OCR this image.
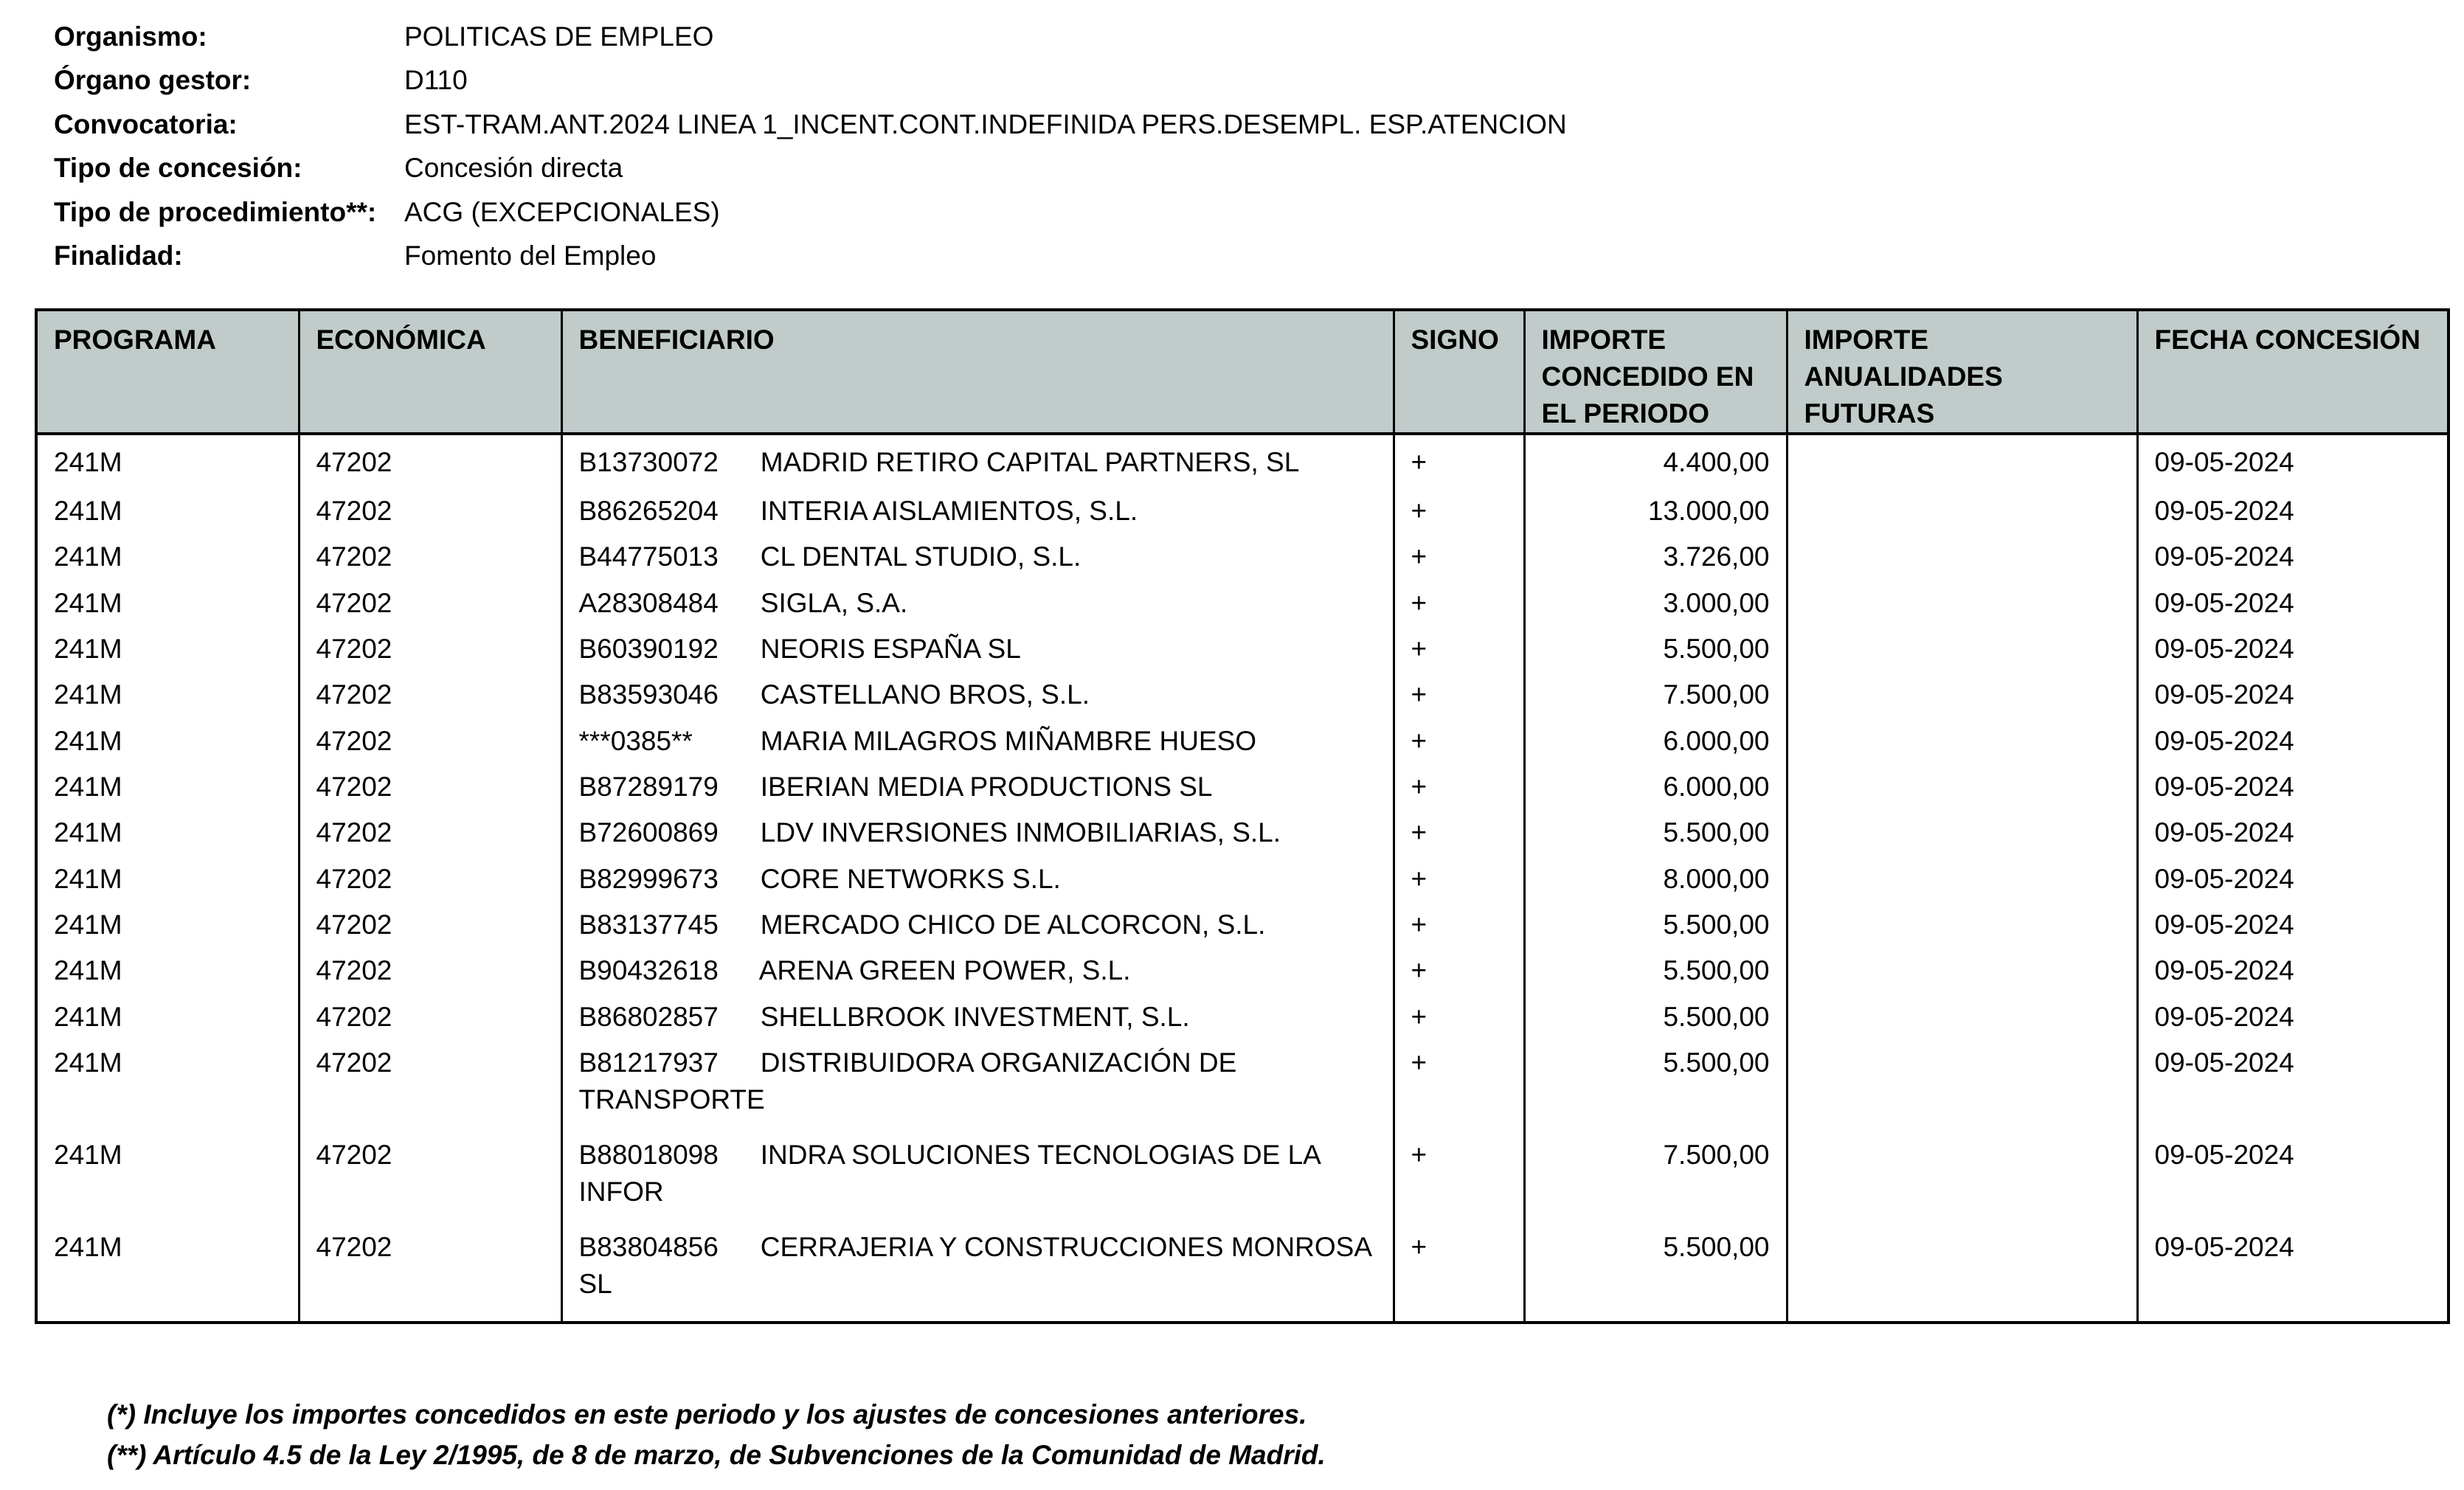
Organismo:	POLITICAS DE EMPLEO
Órgano gestor:	D110
Convocatoria:	EST-TRAM.ANT.2024 LINEA 1_INCENT.CONT.INDEFINIDA PERS.DESEMPL. ESP.ATENCION
Tipo de concesión:	Concesión directa
Tipo de procedimiento**:	ACG (EXCEPCIONALES)
Finalidad:	Fomento del Empleo
PROGRAMA	ECONÓMICA	BENEFICIARIO	SIGNO	IMPORTE CONCEDIDO EN EL PERIODO	IMPORTE ANUALIDADES FUTURAS	FECHA CONCESIÓN
241M	47202	B13730072 MADRID RETIRO CAPITAL PARTNERS, SL	+	4.400,00		09-05-2024
241M	47202	B86265204 INTERIA AISLAMIENTOS, S.L.	+	13.000,00		09-05-2024
241M	47202	B44775013 CL DENTAL STUDIO, S.L.	+	3.726,00		09-05-2024
241M	47202	A28308484 SIGLA, S.A.	+	3.000,00		09-05-2024
241M	47202	B60390192 NEORIS ESPAÑA SL	+	5.500,00		09-05-2024
241M	47202	B83593046 CASTELLANO BROS, S.L.	+	7.500,00		09-05-2024
241M	47202	***0385** MARIA MILAGROS MIÑAMBRE HUESO	+	6.000,00		09-05-2024
241M	47202	B87289179 IBERIAN MEDIA PRODUCTIONS SL	+	6.000,00		09-05-2024
241M	47202	B72600869 LDV INVERSIONES INMOBILIARIAS, S.L.	+	5.500,00		09-05-2024
241M	47202	B82999673 CORE NETWORKS S.L.	+	8.000,00		09-05-2024
241M	47202	B83137745 MERCADO CHICO DE ALCORCON, S.L.	+	5.500,00		09-05-2024
241M	47202	B90432618 ARENA GREEN POWER, S.L.	+	5.500,00		09-05-2024
241M	47202	B86802857 SHELLBROOK INVESTMENT, S.L.	+	5.500,00		09-05-2024
241M	47202	B81217937 DISTRIBUIDORA ORGANIZACIÓN DE TRANSPORTE	+	5.500,00		09-05-2024
241M	47202	B88018098 INDRA SOLUCIONES TECNOLOGIAS DE LA INFOR	+	7.500,00		09-05-2024
241M	47202	B83804856 CERRAJERIA Y CONSTRUCCIONES MONROSA SL	+	5.500,00		09-05-2024

(*) Incluye los importes concedidos en este periodo y los ajustes de concesiones anteriores.
(**) Artículo 4.5 de la Ley 2/1995, de 8 de marzo, de Subvenciones de la Comunidad de Madrid.
